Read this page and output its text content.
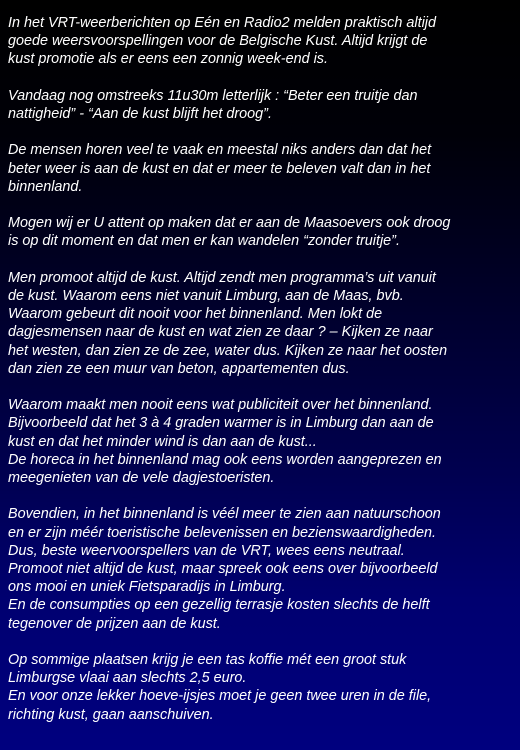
In het VRT-weerberichten op Eén en Radio2 melden praktisch altijd
goede weersvoorspellingen voor de Belgische Kust. Altijd krijgt de
kust promotie als er eens een zonnig week-end is.
Vandaag nog omstreeks 11u30m letterlijk : “Beter een truitje dan
nattigheid” - “Aan de kust blijft het droog”.
De mensen horen veel te vaak en meestal niks anders dan dat het
beter weer is aan de kust en dat er meer te beleven valt dan in het
binnenland.
Mogen wij er U attent op maken dat er aan de Maasoevers ook droog
is op dit moment en dat men er kan wandelen “zonder truitje”.
Men promoot altijd de kust. Altijd zendt men programma’s uit vanuit
de kust. Waarom eens niet vanuit Limburg, aan de Maas, bvb.
Waarom gebeurt dit nooit voor het binnenland. Men lokt de
dagjesmensen naar de kust en wat zien ze daar ? – Kijken ze naar
het westen, dan zien ze de zee, water dus. Kijken ze naar het oosten
dan zien ze een muur van beton, appartementen dus.
Waarom maakt men nooit eens wat publiciteit over het binnenland.
Bijvoorbeeld dat het 3 à 4 graden warmer is in Limburg dan aan de
kust en dat het minder wind is dan aan de kust...
De horeca in het binnenland mag ook eens worden aangeprezen en
meegenieten van de vele dagjestoeristen.
Bovendien, in het binnenland is véél meer te zien aan natuurschoon
en er zijn méér toeristische belevenissen en bezienswaardigheden.
Dus, beste weervoorspellers van de VRT, wees eens neutraal.
Promoot niet altijd de kust, maar spreek ook eens over bijvoorbeeld
ons mooi en uniek Fietsparadijs in Limburg.
En de consumpties op een gezellig terrasje kosten slechts de helft
tegenover de prijzen aan de kust.
Op sommige plaatsen krijg je een tas koffie mét een groot stuk
Limburgse vlaai aan slechts 2,5 euro.
En voor onze lekker hoeve-ijsjes moet je geen twee uren in de file,
richting kust, gaan aanschuiven.
